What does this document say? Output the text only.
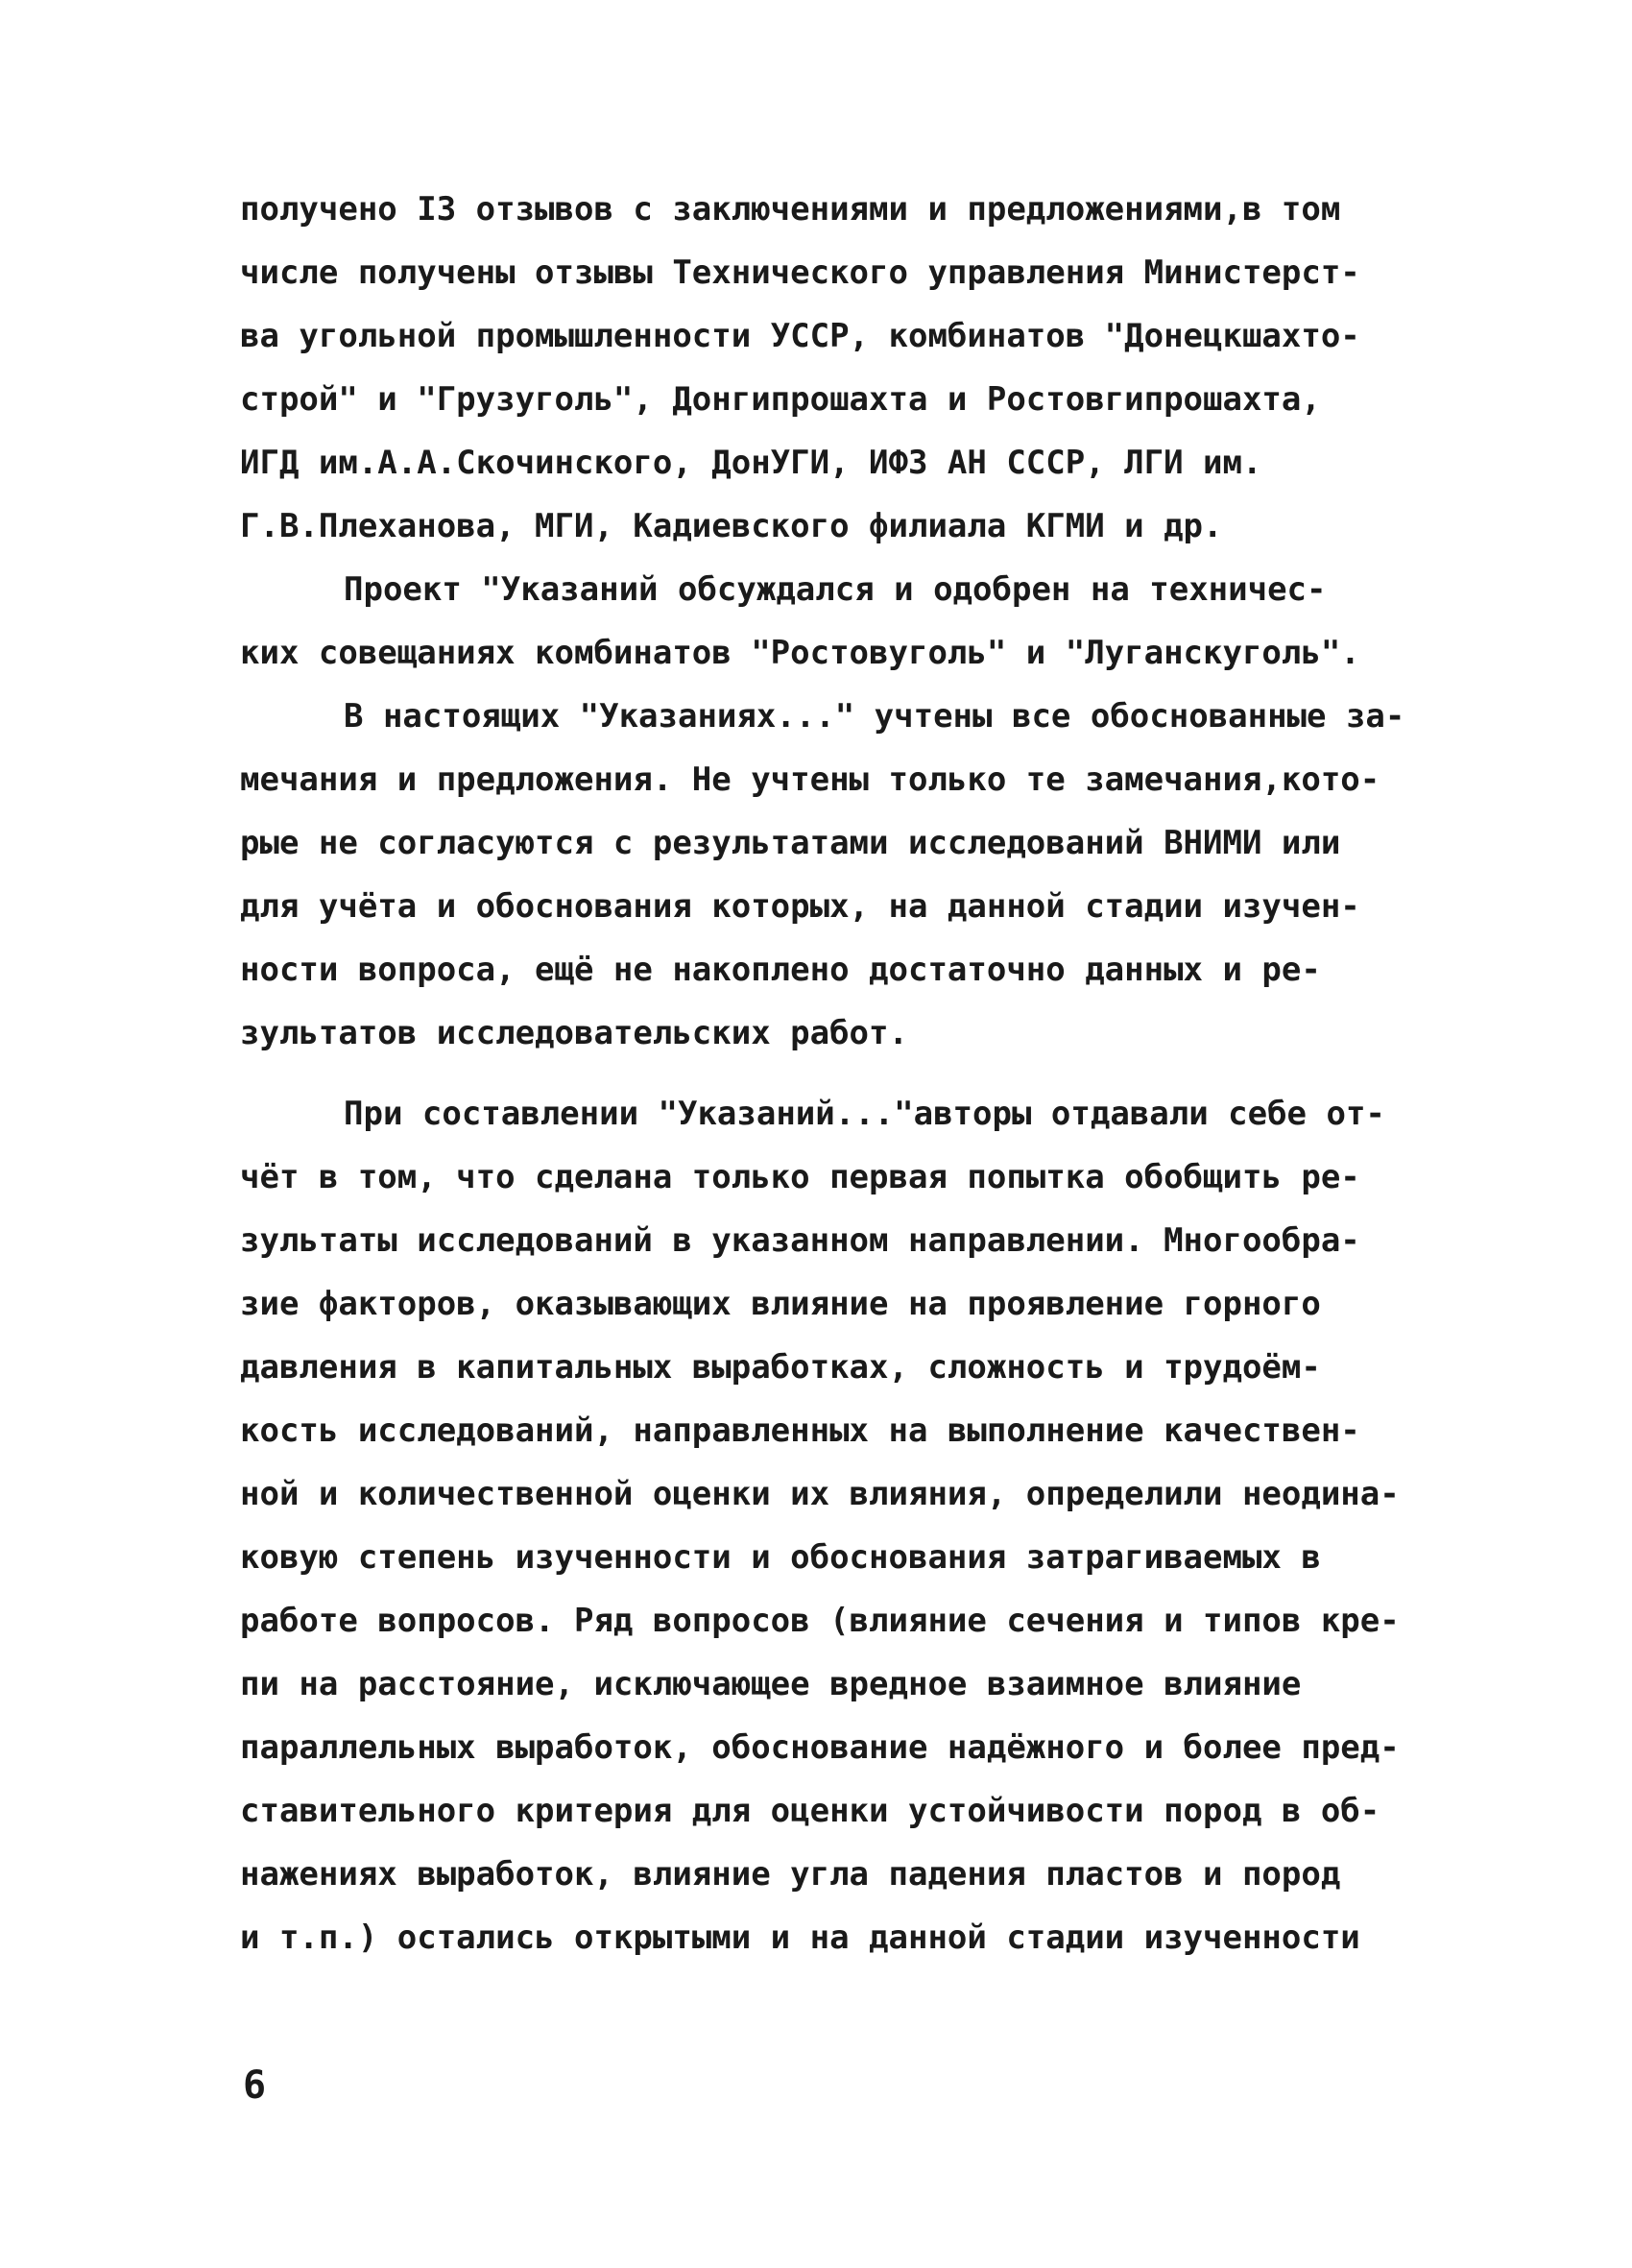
получено I3 отзывов с заключениями и предложениями,в том
числе получены отзывы Технического управления Министерст-
ва угольной промышленности УССР, комбинатов "Донецкшахто-
строй" и "Грузуголь", Донгипрошахта и Ростовгипрошахта,
ИГД им.А.А.Скочинского, ДонУГИ, ИФЗ АН СССР, ЛГИ им.
Г.В.Плеханова, МГИ, Кадиевского филиала КГМИ и др.
Проект "Указаний обсуждался и одобрен на техничес-
ких совещаниях комбинатов "Ростовуголь" и "Луганскуголь".
В настоящих "Указаниях..." учтены все обоснованные за-
мечания и предложения. Не учтены только те замечания,кото-
рые не согласуются с результатами исследований ВНИМИ или
для учёта и обоснования которых, на данной стадии изучен-
ности вопроса, ещё не накоплено достаточно данных и ре-
зультатов исследовательских работ.
При составлении "Указаний..."авторы отдавали себе от-
чёт в том, что сделана только первая попытка обобщить ре-
зультаты исследований в указанном направлении. Многообра-
зие факторов, оказывающих влияние на проявление горного
давления в капитальных выработках, сложность и трудоём-
кость исследований, направленных на выполнение качествен-
ной и количественной оценки их влияния, определили неодина-
ковую степень изученности и обоснования затрагиваемых в
работе вопросов. Ряд вопросов (влияние сечения и типов кре-
пи на расстояние, исключающее вредное взаимное влияние
параллельных выработок, обоснование надёжного и более пред-
ставительного критерия для оценки устойчивости пород в об-
нажениях выработок, влияние угла падения пластов и пород
и т.п.) остались открытыми и на данной стадии изученности
6
